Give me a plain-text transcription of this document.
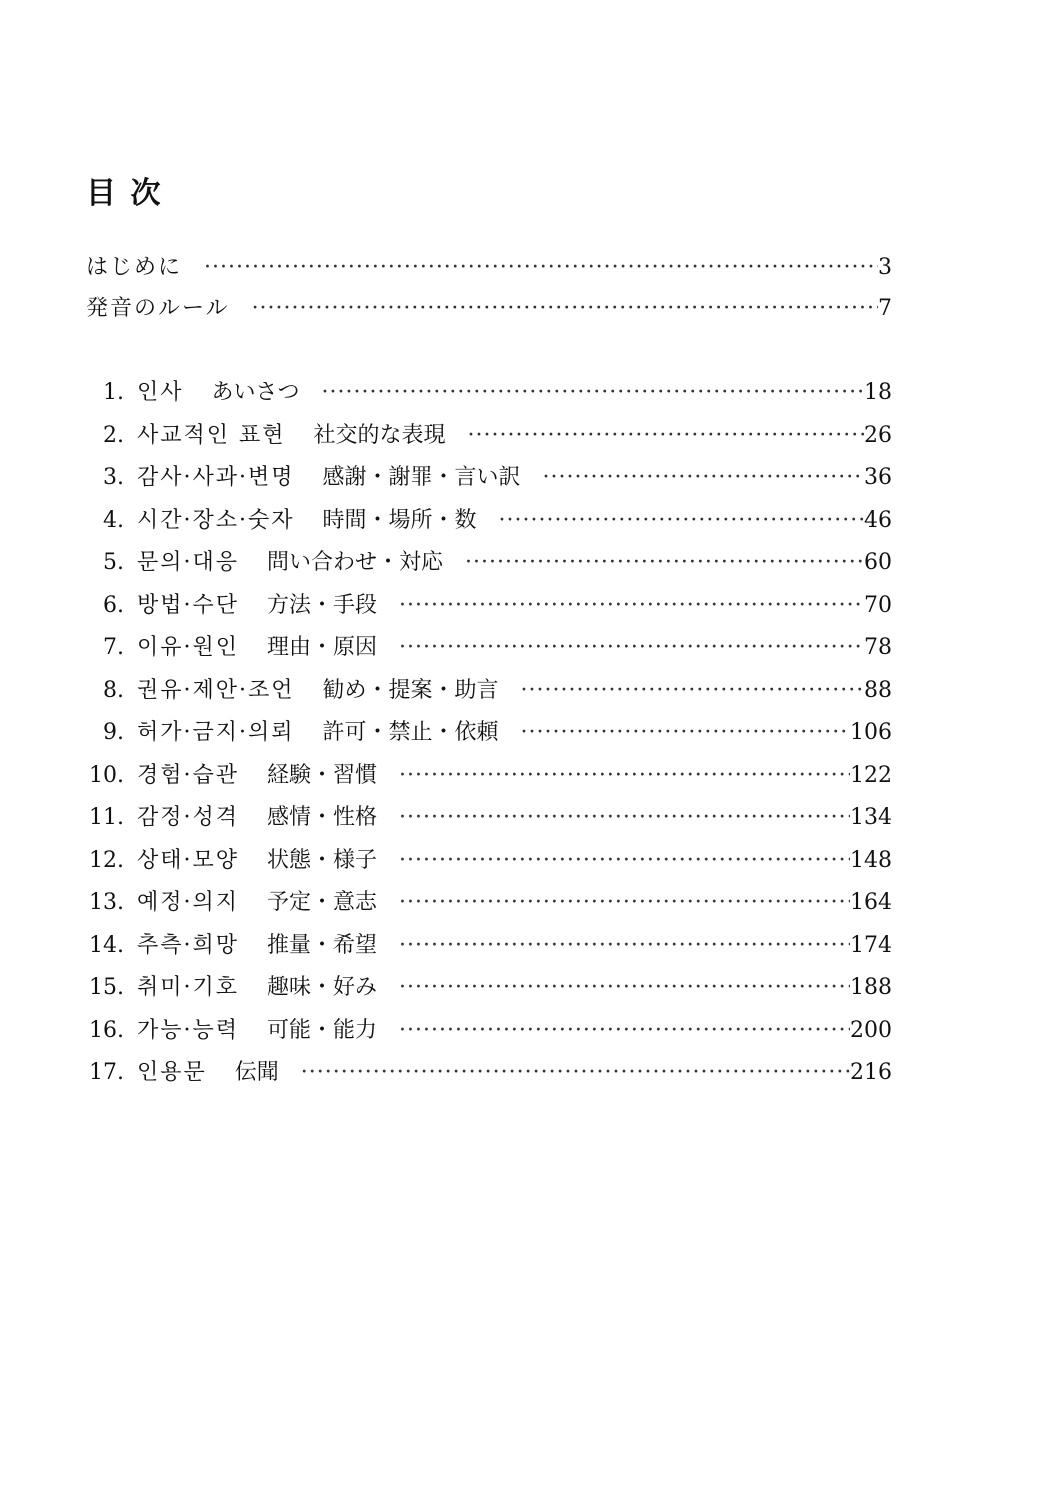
目 次
はじめに ·····	3
発音のルール ·····	7
1. 인사 あいさつ ·····	18
2. 사교적인 표현 社交的な表現 ·····	26
3. 감사·사과·변명 感謝・謝罪・言い訳 ·····	36
4. 시간·장소·숫자 時間・場所・数 ·····	46
5. 문의·대응 問い合わせ・対応 ·····	60
6. 방법·수단 方法・手段 ·····	70
7. 이유·원인 理由・原因 ·····	78
8. 권유·제안·조언 勧め・提案・助言 ·····	88
9. 허가·금지·의뢰 許可・禁止・依頼 ·····	106
10. 경험·습관 経験・習慣 ·····	122
11. 감정·성격 感情・性格 ·····	134
12. 상태·모양 状態・様子 ·····	148
13. 예정·의지 予定・意志 ·····	164
14. 추측·희망 推量・希望 ·····	174
15. 취미·기호 趣味・好み ·····	188
16. 가능·능력 可能・能力 ·····	200
17. 인용문 伝聞 ·····	216
